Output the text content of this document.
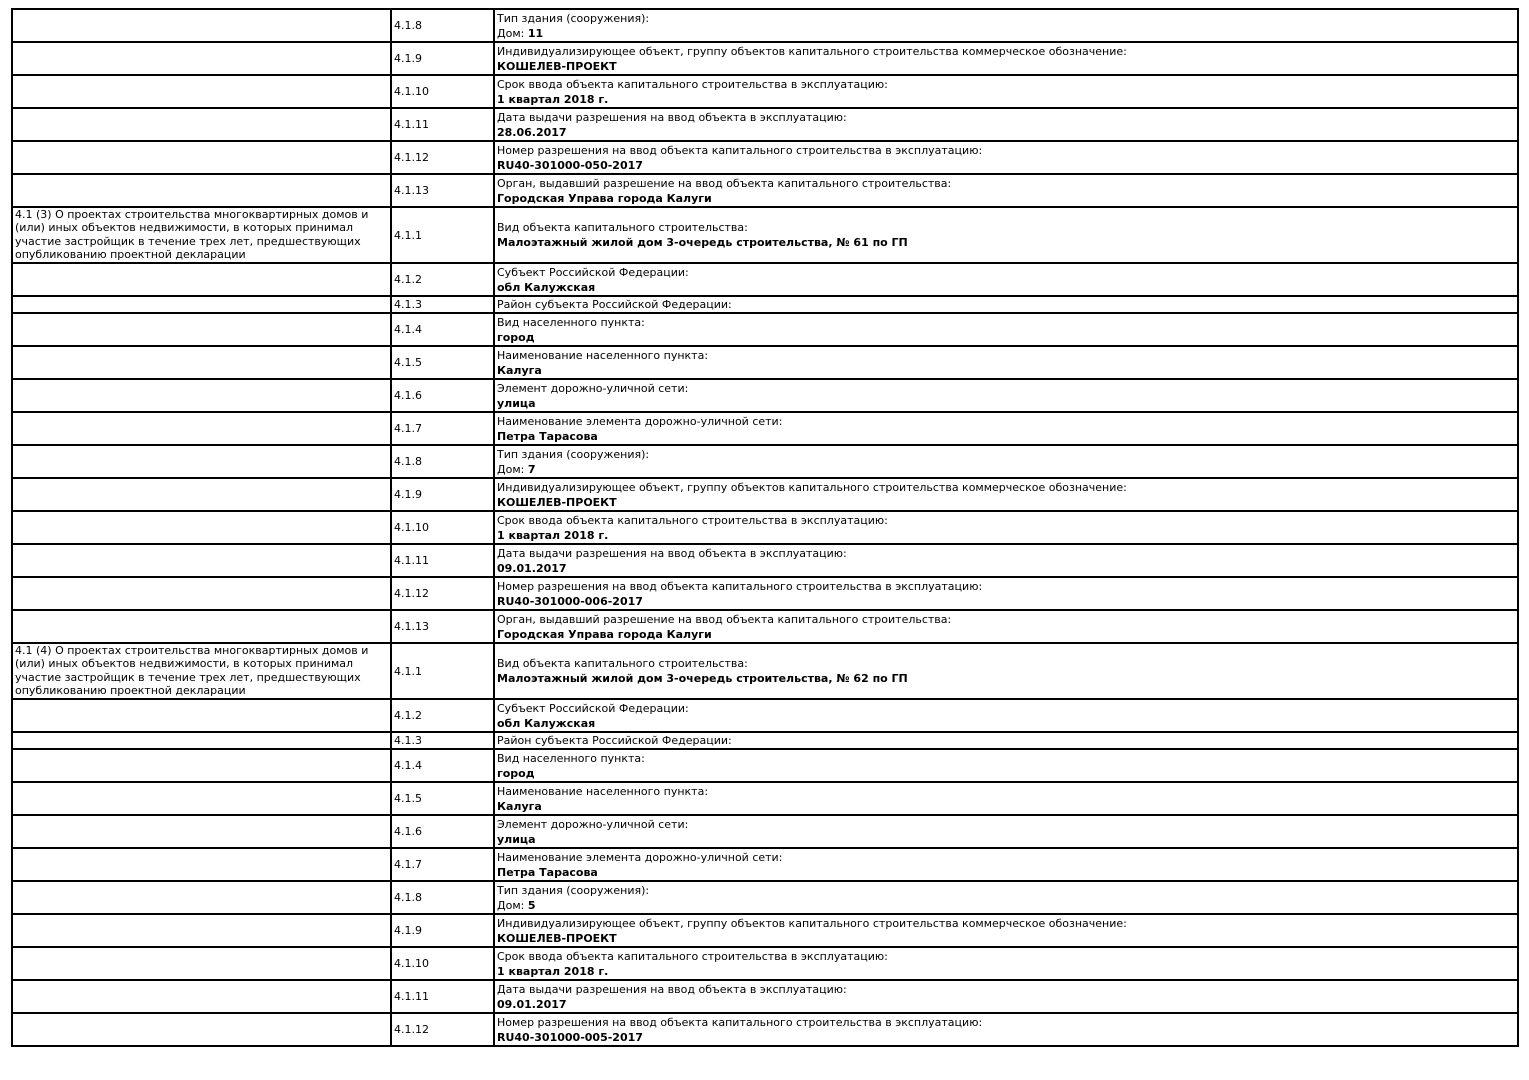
	4.1.8	Тип здания (сооружения):
Дом: 11

	4.1.9	Индивидуализирующее объект, группу объектов капитального строительства коммерческое обозначение:
КОШЕЛЕВ-ПРОЕКТ

	4.1.10	Срок ввода объекта капитального строительства в эксплуатацию:
1 квартал 2018 г.

	4.1.11	Дата выдачи разрешения на ввод объекта в эксплуатацию:
28.06.2017

	4.1.12	Номер разрешения на ввод объекта капитального строительства в эксплуатацию:
RU40-301000-050-2017

	4.1.13	Орган, выдавший разрешение на ввод объекта капитального строительства:
Городская Управа города Калуги

4.1 (3) О проектах строительства многоквартирных домов и (или) иных объектов недвижимости, в которых принимал участие застройщик в течение трех лет, предшествующих опубликованию проектной декларации	4.1.1	Вид объекта капитального строительства:
Малоэтажный жилой дом 3-очередь строительства, № 61 по ГП

	4.1.2	Субъект Российской Федерации:
обл Калужская

	4.1.3	Район субъекта Российской Федерации:

	4.1.4	Вид населенного пункта:
город

	4.1.5	Наименование населенного пункта:
Калуга

	4.1.6	Элемент дорожно-уличной сети:
улица

	4.1.7	Наименование элемента дорожно-уличной сети:
Петра Тарасова

	4.1.8	Тип здания (сооружения):
Дом: 7

	4.1.9	Индивидуализирующее объект, группу объектов капитального строительства коммерческое обозначение:
КОШЕЛЕВ-ПРОЕКТ

	4.1.10	Срок ввода объекта капитального строительства в эксплуатацию:
1 квартал 2018 г.

	4.1.11	Дата выдачи разрешения на ввод объекта в эксплуатацию:
09.01.2017

	4.1.12	Номер разрешения на ввод объекта капитального строительства в эксплуатацию:
RU40-301000-006-2017

	4.1.13	Орган, выдавший разрешение на ввод объекта капитального строительства:
Городская Управа города Калуги

4.1 (4) О проектах строительства многоквартирных домов и (или) иных объектов недвижимости, в которых принимал участие застройщик в течение трех лет, предшествующих опубликованию проектной декларации	4.1.1	Вид объекта капитального строительства:
Малоэтажный жилой дом 3-очередь строительства, № 62 по ГП

	4.1.2	Субъект Российской Федерации:
обл Калужская

	4.1.3	Район субъекта Российской Федерации:

	4.1.4	Вид населенного пункта:
город

	4.1.5	Наименование населенного пункта:
Калуга

	4.1.6	Элемент дорожно-уличной сети:
улица

	4.1.7	Наименование элемента дорожно-уличной сети:
Петра Тарасова

	4.1.8	Тип здания (сооружения):
Дом: 5

	4.1.9	Индивидуализирующее объект, группу объектов капитального строительства коммерческое обозначение:
КОШЕЛЕВ-ПРОЕКТ

	4.1.10	Срок ввода объекта капитального строительства в эксплуатацию:
1 квартал 2018 г.

	4.1.11	Дата выдачи разрешения на ввод объекта в эксплуатацию:
09.01.2017

	4.1.12	Номер разрешения на ввод объекта капитального строительства в эксплуатацию:
RU40-301000-005-2017
